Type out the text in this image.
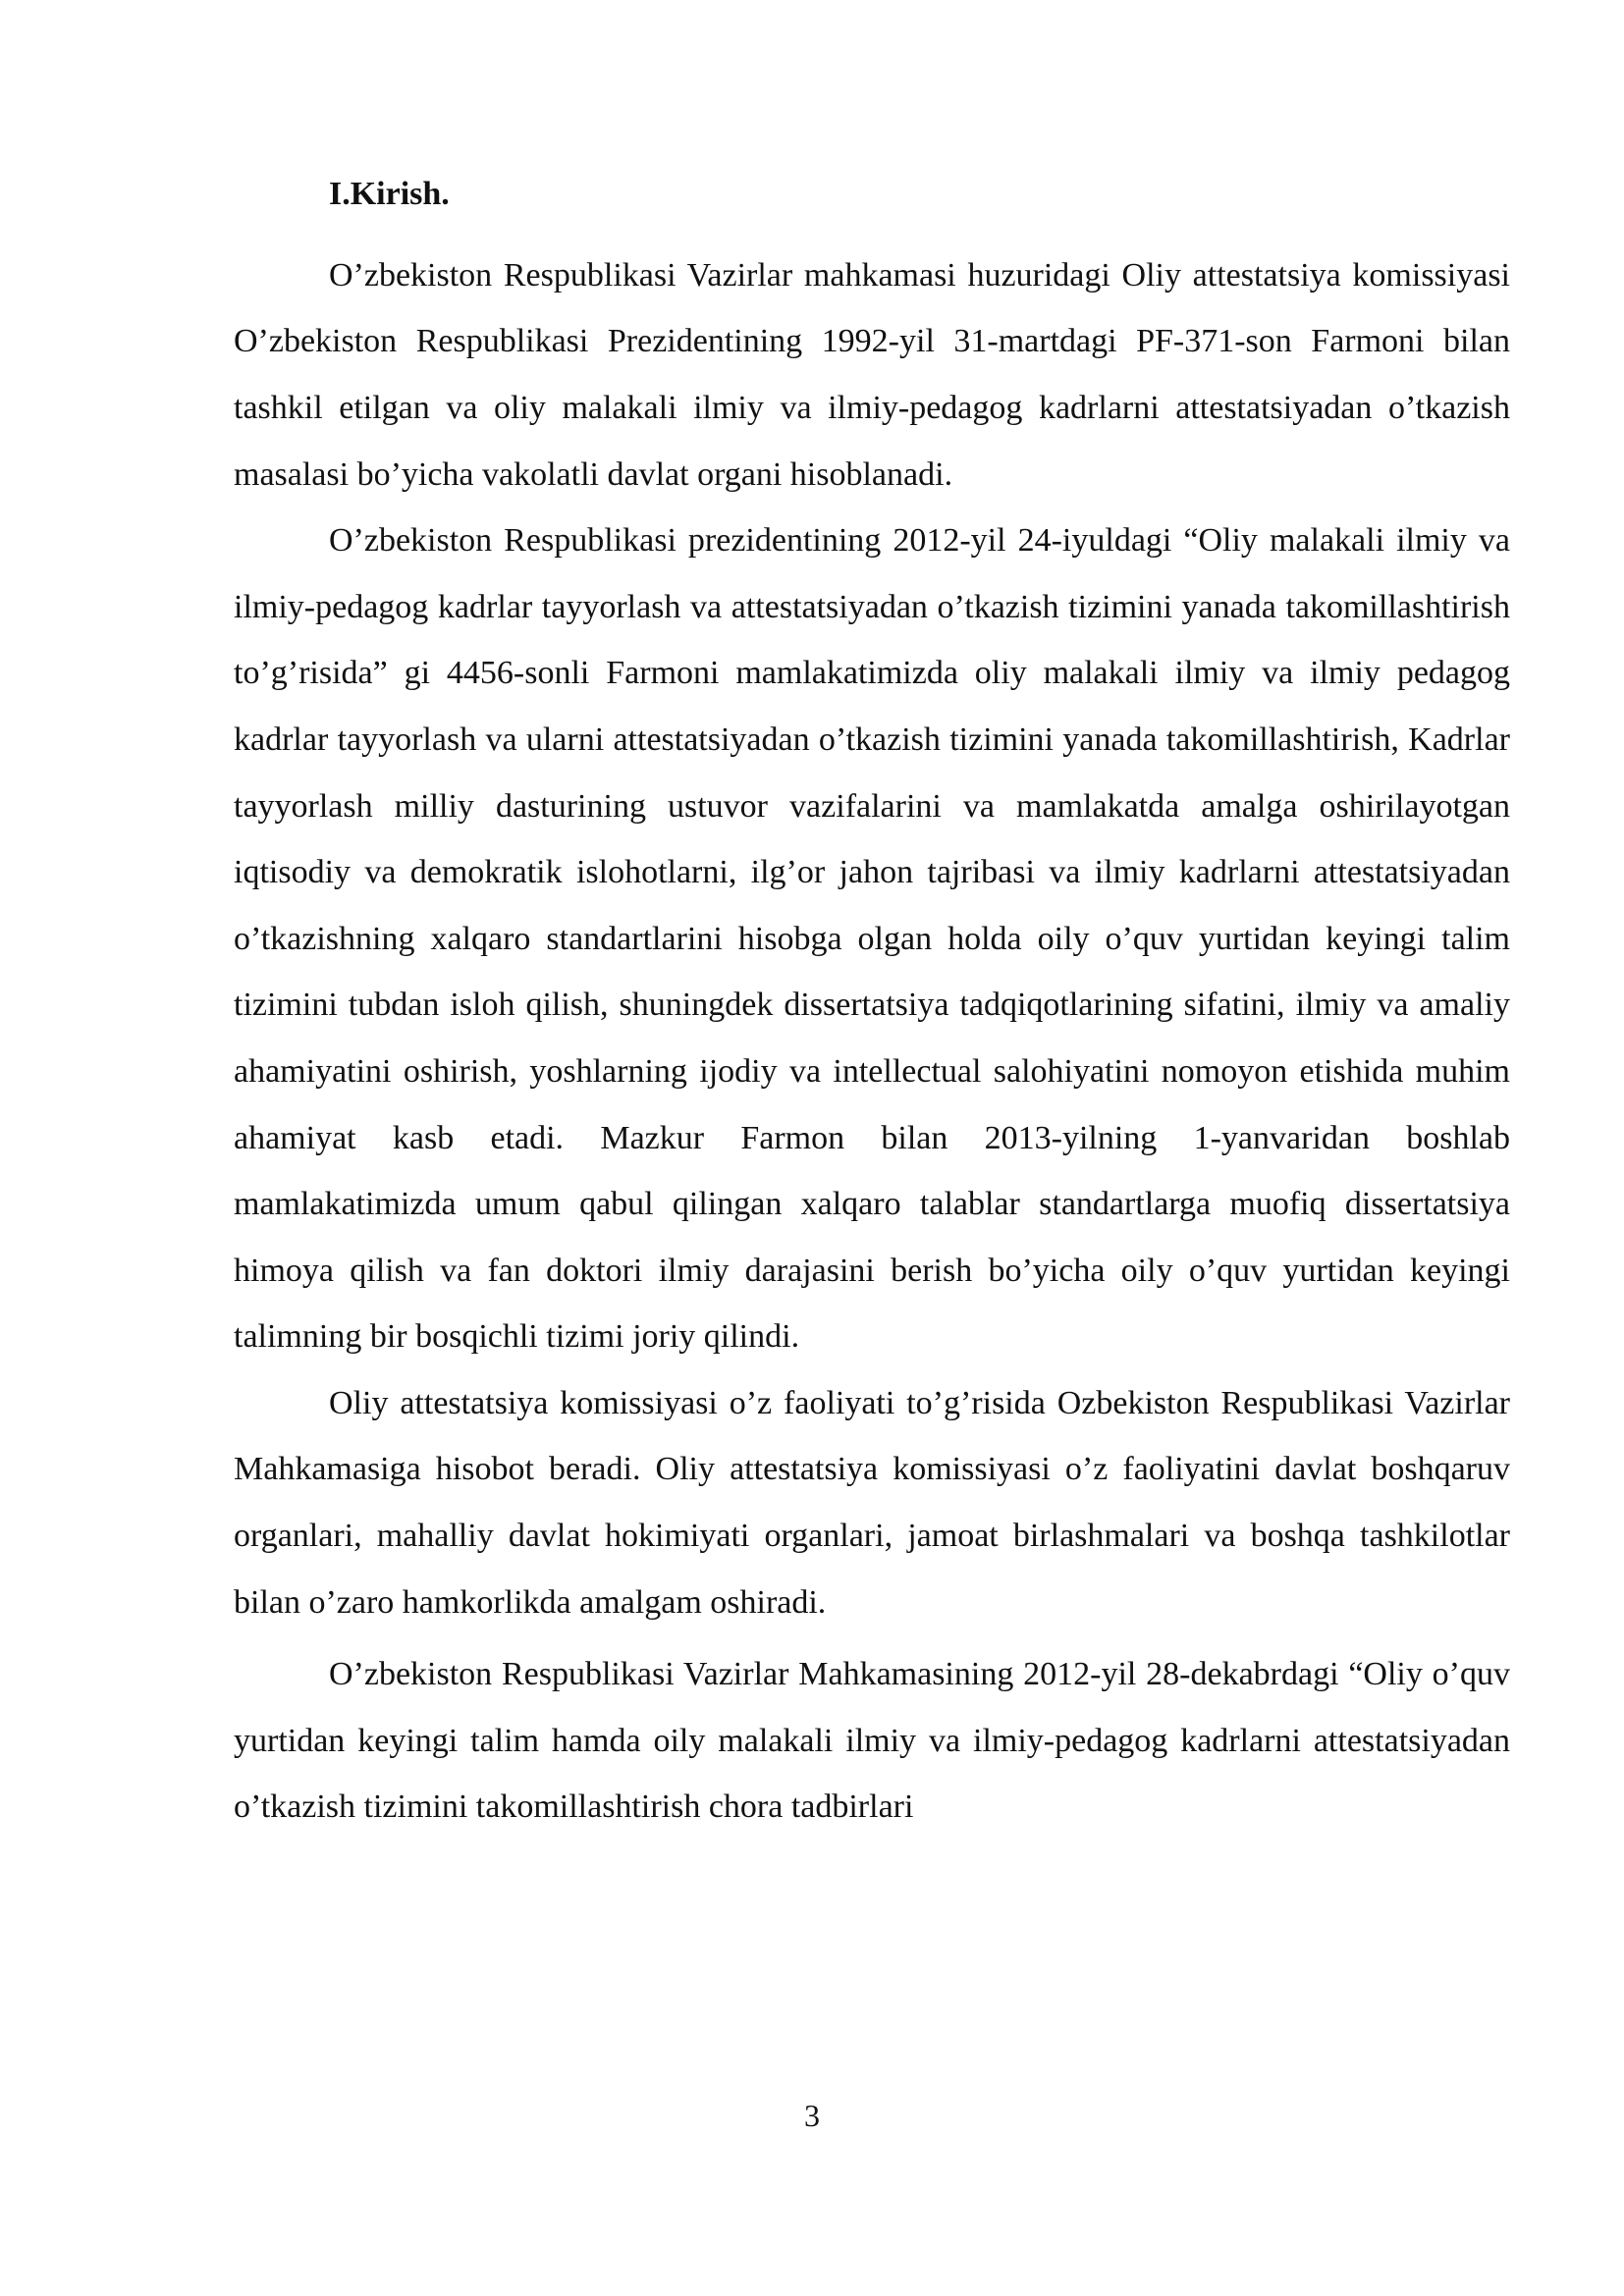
I.Kirish.

O’zbekiston Respublikasi Vazirlar mahkamasi huzuridagi Oliy attestatsiya komissiyasi O’zbekiston Respublikasi Prezidentining 1992-yil 31-martdagi PF-371-son Farmoni bilan tashkil etilgan va oliy malakali ilmiy va ilmiy-pedagog kadrlarni attestatsiyadan o’tkazish masalasi bo’yicha vakolatli davlat organi hisoblanadi.

O’zbekiston Respublikasi prezidentining 2012-yil 24-iyuldagi “Oliy malakali ilmiy va ilmiy-pedagog kadrlar tayyorlash va attestatsiyadan o’tkazish tizimini yanada takomillashtirish to’g’risida” gi 4456-sonli Farmoni mamlakatimizda oliy malakali ilmiy va ilmiy pedagog kadrlar tayyorlash va ularni attestatsiyadan o’tkazish tizimini yanada takomillashtirish, Kadrlar tayyorlash milliy dasturining ustuvor vazifalarini va mamlakatda amalga oshirilayotgan iqtisodiy va demokratik islohotlarni, ilg’or jahon tajribasi va ilmiy kadrlarni attestatsiyadan o’tkazishning xalqaro standartlarini hisobga olgan holda oily o’quv yurtidan keyingi talim tizimini tubdan isloh qilish, shuningdek dissertatsiya tadqiqotlarining sifatini, ilmiy va amaliy ahamiyatini oshirish, yoshlarning ijodiy va intellectual salohiyatini nomoyon etishida muhim ahamiyat kasb etadi. Mazkur Farmon bilan 2013-yilning 1-yanvaridan boshlab mamlakatimizda umum qabul qilingan xalqaro talablar standartlarga muofiq dissertatsiya himoya qilish va fan doktori ilmiy darajasini berish bo’yicha oily o’quv yurtidan keyingi talimning bir bosqichli tizimi joriy qilindi.

Oliy attestatsiya komissiyasi o’z faoliyati to’g’risida Ozbekiston Respublikasi Vazirlar Mahkamasiga hisobot beradi. Oliy attestatsiya komissiyasi o’z faoliyatini davlat boshqaruv organlari, mahalliy davlat hokimiyati organlari, jamoat birlashmalari va boshqa tashkilotlar bilan o’zaro hamkorlikda amalgam oshiradi.

O’zbekiston Respublikasi Vazirlar Mahkamasining 2012-yil 28-dekabrdagi “Oliy o’quv yurtidan keyingi talim hamda oily malakali ilmiy va ilmiy-pedagog kadrlarni attestatsiyadan o’tkazish tizimini takomillashtirish chora tadbirlari

3
